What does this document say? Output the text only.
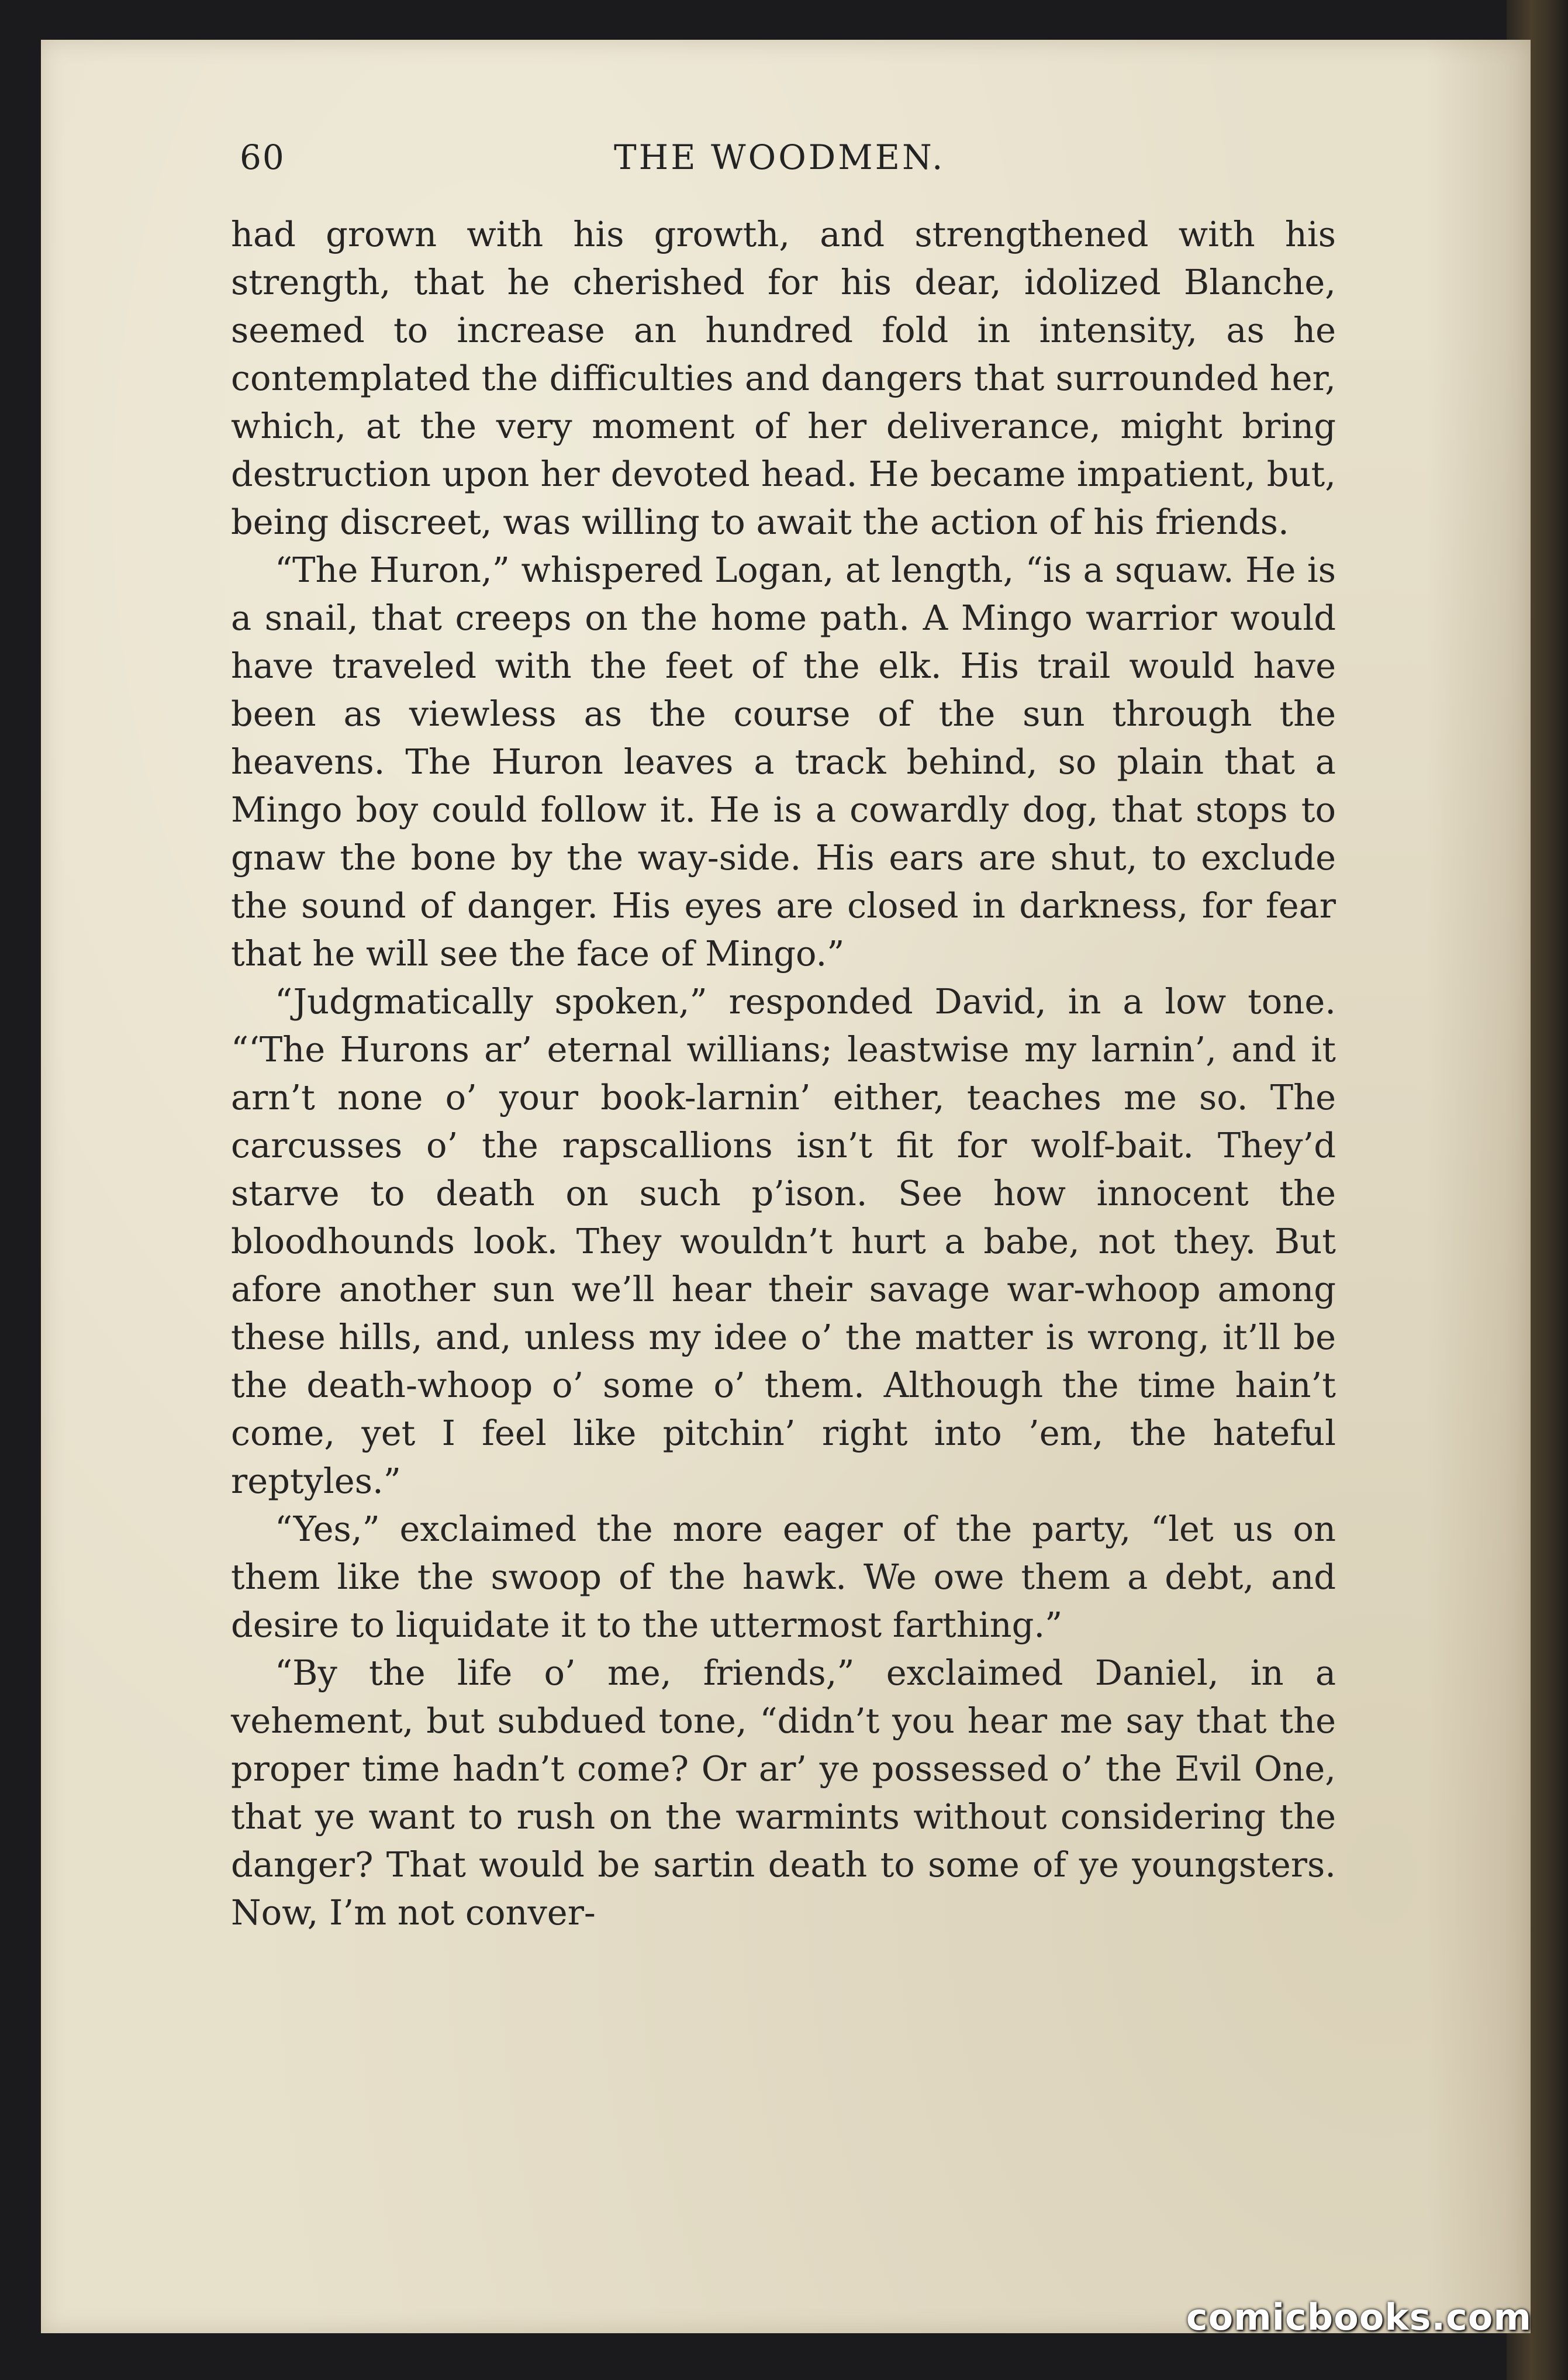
60	THE WOODMEN.

had grown with his growth, and strengthened with his strength, that he cherished for his dear, idolized Blanche, seemed to increase an hundred fold in intensity, as he contemplated the difficulties and dangers that surrounded her, which, at the very moment of her deliverance, might bring destruction upon her devoted head. He became impatient, but, being discreet, was willing to await the action of his friends.

“The Huron,” whispered Logan, at length, “is a squaw. He is a snail, that creeps on the home path. A Mingo warrior would have traveled with the feet of the elk. His trail would have been as viewless as the course of the sun through the heavens. The Huron leaves a track behind, so plain that a Mingo boy could follow it. He is a cowardly dog, that stops to gnaw the bone by the way-side. His ears are shut, to exclude the sound of danger. His eyes are closed in darkness, for fear that he will see the face of Mingo.”

“Judgmatically spoken,” responded David, in a low tone. “‘The Hurons ar’ eternal willians; leastwise my larnin’, and it arn’t none o’ your book-larnin’ either, teaches me so. The carcusses o’ the rapscallions isn’t fit for wolf-bait. They’d starve to death on such p’ison. See how innocent the bloodhounds look. They wouldn’t hurt a babe, not they. But afore another sun we’ll hear their savage war-whoop among these hills, and, unless my idee o’ the matter is wrong, it’ll be the death-whoop o’ some o’ them. Although the time hain’t come, yet I feel like pitchin’ right into ’em, the hateful reptyles.”

“Yes,” exclaimed the more eager of the party, “let us on them like the swoop of the hawk. We owe them a debt, and desire to liquidate it to the uttermost farthing.”

“By the life o’ me, friends,” exclaimed Daniel, in a vehement, but subdued tone, “didn’t you hear me say that the proper time hadn’t come? Or ar’ ye possessed o’ the Evil One, that ye want to rush on the warmints without considering the danger? That would be sartin death to some of ye youngsters. Now, I’m not conver-

comicbooks.com
